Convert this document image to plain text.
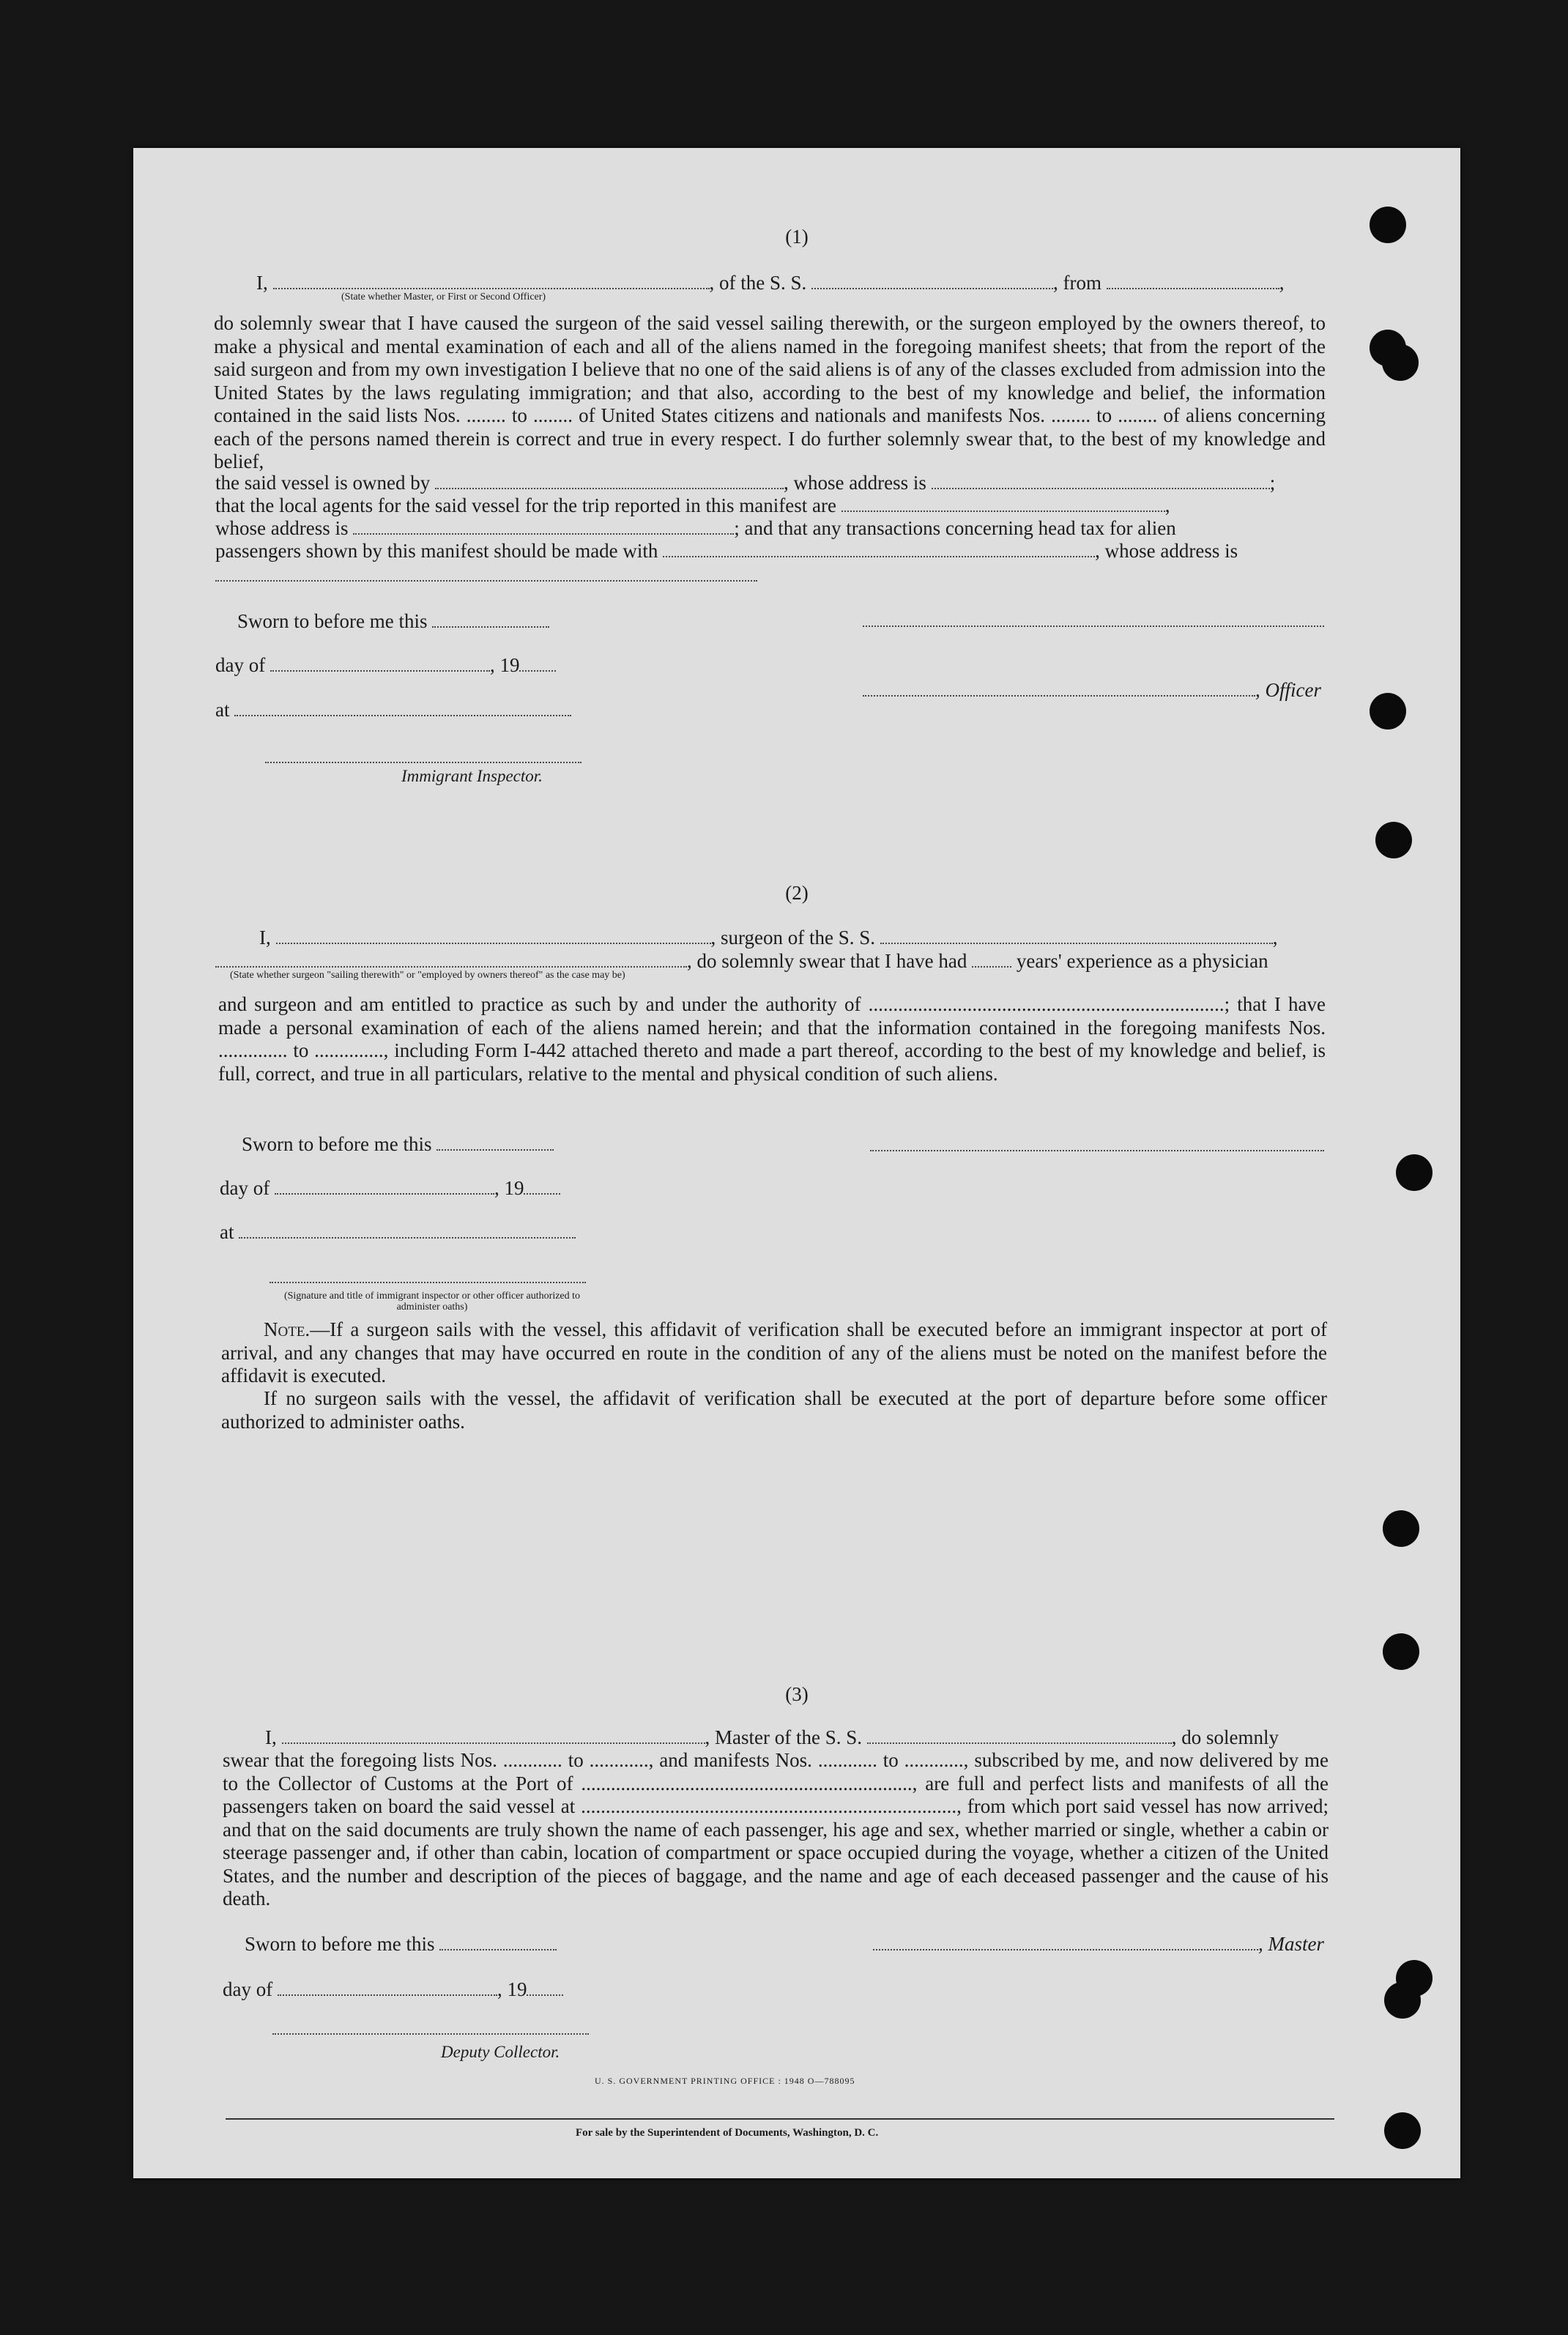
(1)
I,	, of the S. S.	, from	,
(State whether Master, or First or Second Officer)
do solemnly swear that I have caused the surgeon of the said vessel sailing therewith, or the surgeon employed by the owners thereof, to make a physical and mental examination of each and all of the aliens named in the foregoing manifest sheets; that from the report of the said surgeon and from my own investigation I believe that no one of the said aliens is of any of the classes excluded from admission into the United States by the laws regulating immigration; and that also, according to the best of my knowledge and belief, the information contained in the said lists Nos. ........ to ........ of United States citizens and nationals and manifests Nos. ........ to ........ of aliens concerning each of the persons named therein is correct and true in every respect. I do further solemnly swear that, to the best of my knowledge and belief,
the said vessel is owned by	, whose address is	;
that the local agents for the said vessel for the trip reported in this manifest are	,
whose address is	; and that any transactions concerning head tax for alien
passengers shown by this manifest should be made with	, whose address is
Sworn to before me this
day of	, 19
at
, Officer
Immigrant Inspector.
(2)
I,	, surgeon of the S. S.	,
, do solemnly swear that I have had	years' experience as a physician
(State whether surgeon "sailing therewith" or "employed by owners thereof" as the case may be)
and surgeon and am entitled to practice as such by and under the authority of ........................................................................; that I have made a personal examination of each of the aliens named herein; and that the information contained in the foregoing manifests Nos. .............. to .............., including Form I-442 attached thereto and made a part thereof, according to the best of my knowledge and belief, is full, correct, and true in all particulars, relative to the mental and physical condition of such aliens.
Sworn to before me this
day of	, 19
at
(Signature and title of immigrant inspector or other officer authorized to administer oaths)
Note.—If a surgeon sails with the vessel, this affidavit of verification shall be executed before an immigrant inspector at port of arrival, and any changes that may have occurred en route in the condition of any of the aliens must be noted on the manifest before the affidavit is executed.
If no surgeon sails with the vessel, the affidavit of verification shall be executed at the port of departure before some officer authorized to administer oaths.
(3)
I,	, Master of the S. S.	, do solemnly
swear that the foregoing lists Nos. ............ to ............, and manifests Nos. ............ to ............, subscribed by me, and now delivered by me to the Collector of Customs at the Port of ..................................................................., are full and perfect lists and manifests of all the passengers taken on board the said vessel at ............................................................................, from which port said vessel has now arrived; and that on the said documents are truly shown the name of each passenger, his age and sex, whether married or single, whether a cabin or steerage passenger and, if other than cabin, location of compartment or space occupied during the voyage, whether a citizen of the United States, and the number and description of the pieces of baggage, and the name and age of each deceased passenger and the cause of his death.
Sworn to before me this	, Master
day of	, 19
Deputy Collector.
U. S. GOVERNMENT PRINTING OFFICE : 1948 O—788095
For sale by the Superintendent of Documents, Washington, D. C.
